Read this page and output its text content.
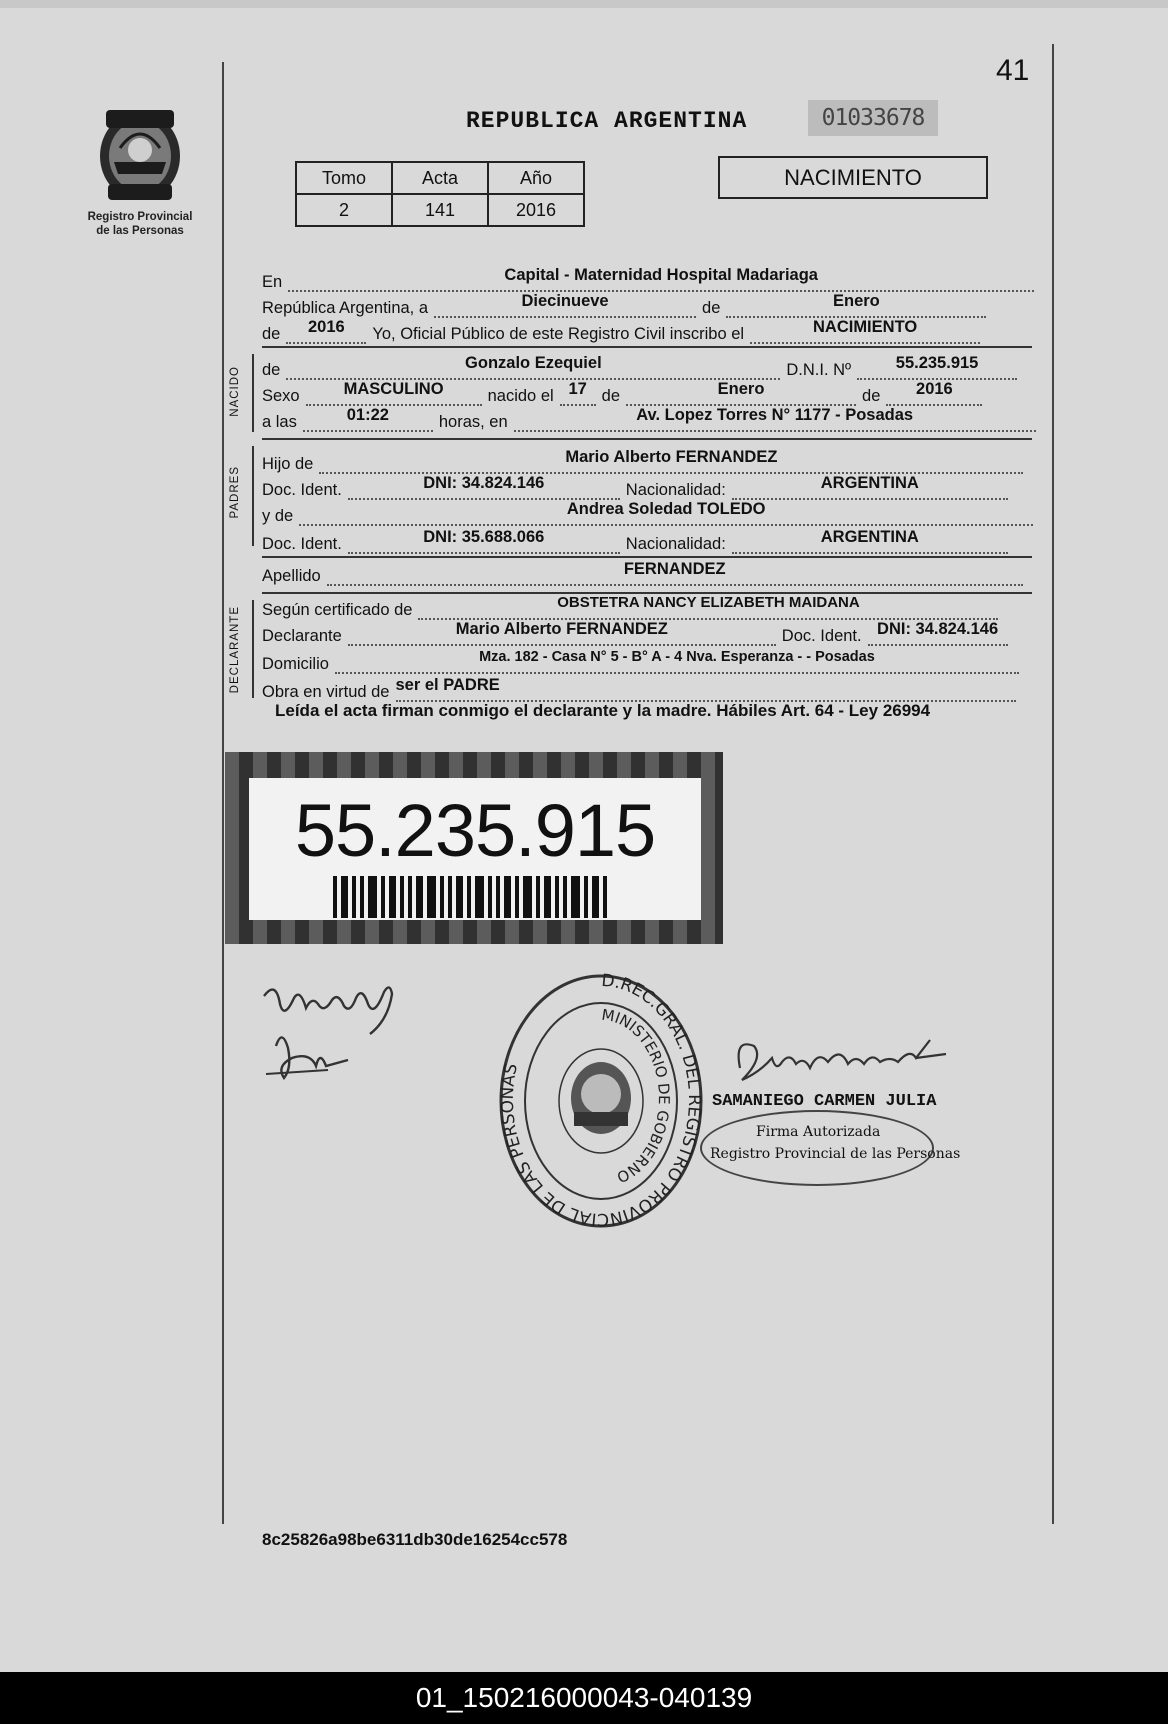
41
Registro Provincial
de las Personas
REPUBLICA ARGENTINA	01033678
Tomo	Acta	Año
2	141	2016
NACIMIENTO
En	Capital - Maternidad Hospital Madariaga
República Argentina, a	Diecinueve	de	Enero
de	2016	Yo, Oficial Público de este Registro Civil inscribo el	NACIMIENTO
NACIDO de	Gonzalo Ezequiel	D.N.I. Nº	55.235.915
Sexo	MASCULINO	nacido el 17 de	Enero	de	2016
a las	01:22	horas, en	Av. Lopez Torres N° 1177 - Posadas
PADRES
Hijo de	Mario Alberto FERNANDEZ
Doc. Ident.	DNI: 34.824.146	Nacionalidad:	ARGENTINA
y de	Andrea Soledad TOLEDO
Doc. Ident.	DNI: 35.688.066	Nacionalidad:	ARGENTINA
Apellido	FERNANDEZ
DECLARANTE Según certificado de	OBSTETRA NANCY ELIZABETH MAIDANA
Declarante	Mario Alberto FERNANDEZ	Doc. Ident. DNI: 34.824.146
Domicilio	Mza. 182 - Casa N° 5 - B° A - 4 Nva. Esperanza - - Posadas
Obra en virtud de ser el PADRE
Leída el acta firman conmigo el declarante y la madre. Hábiles Art. 64 - Ley 26994
55.235.915
D.REC.GRAL. DEL REGISTRO PROVINCIAL DE LAS PERSONAS
MINISTERIO DE GOBIERNO
SAMANIEGO CARMEN JULIA
Firma Autorizada
Registro Provincial de las Personas
8c25826a98be6311db30de16254cc578
01_150216000043-040139
